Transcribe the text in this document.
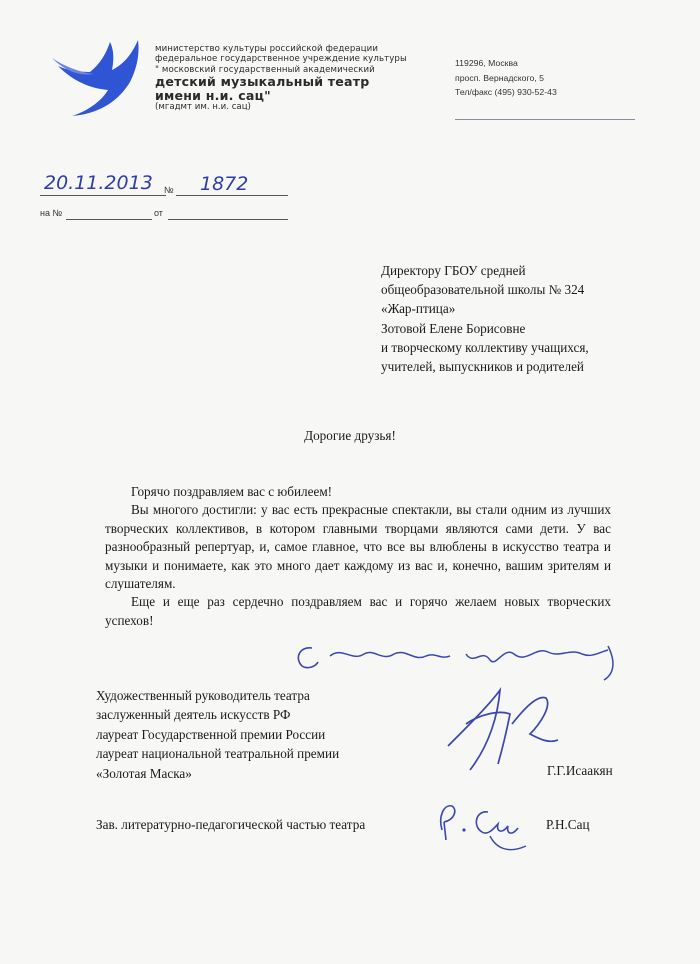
министерство культуры российской федерации
федеральное государственное учреждение культуры
" московский государственный академический
детский музыкальный театр
имени н.и. сац"
(мгадмт им. н.и. сац)
119296, Москва
просп. Вернадского, 5
Тел/факс (495) 930-52-43
20.11.2013 № 1872
на №	от
Директору ГБОУ средней
общеобразовательной школы № 324
«Жар-птица»
Зотовой Елене Борисовне
и творческому коллективу учащихся,
учителей, выпускников и родителей
Дорогие друзья!

Горячо поздравляем вас с юбилеем!

Вы многого достигли: у вас есть прекрасные спектакли, вы стали одним из лучших творческих коллективов, в котором главными творцами являются сами дети. У вас разнообразный репертуар, и, самое главное, что все вы влюблены в искусство театра и музыки и понимаете, как это много дает каждому из вас и, конечно, вашим зрителям и слушателям.

Еще и еще раз сердечно поздравляем вас и горячо желаем новых творческих успехов!

Художественный руководитель театра
заслуженный деятель искусств РФ
лауреат Государственной премии России
лауреат национальной театральной премии
«Золотая Маска»	Г.Г.Исаакян
Зав. литературно-педагогической частью театра	Р.Н.Сац
